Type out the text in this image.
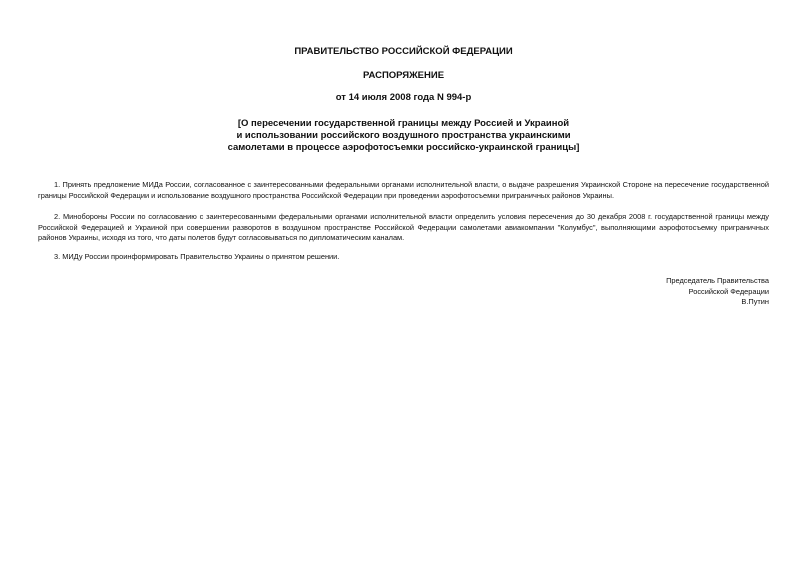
ПРАВИТЕЛЬСТВО РОССИЙСКОЙ ФЕДЕРАЦИИ
РАСПОРЯЖЕНИЕ
от 14 июля 2008 года N 994-р
[О пересечении государственной границы между Россией и Украиной
и использовании российского воздушного пространства украинскими
самолетами в процессе аэрофотосъемки российско-украинской границы]

1. Принять предложение МИДа России, согласованное с заинтересованными федеральными органами исполнительной власти, о выдаче разрешения Украинской Стороне на пересечение государственной границы Российской Федерации и использование воздушного пространства Российской Федерации при проведении аэрофотосъемки приграничных районов Украины.

2. Минобороны России по согласованию с заинтересованными федеральными органами исполнительной власти определить условия пересечения до 30 декабря 2008 г. государственной границы между Российской Федерацией и Украиной при совершении разворотов в воздушном пространстве Российской Федерации самолетами авиакомпании "Колумбус", выполняющими аэрофотосъемку приграничных районов Украины, исходя из того, что даты полетов будут согласовываться по дипломатическим каналам.

3. МИДу России проинформировать Правительство Украины о принятом решении.

Председатель Правительства
Российской Федерации
В.Путин
